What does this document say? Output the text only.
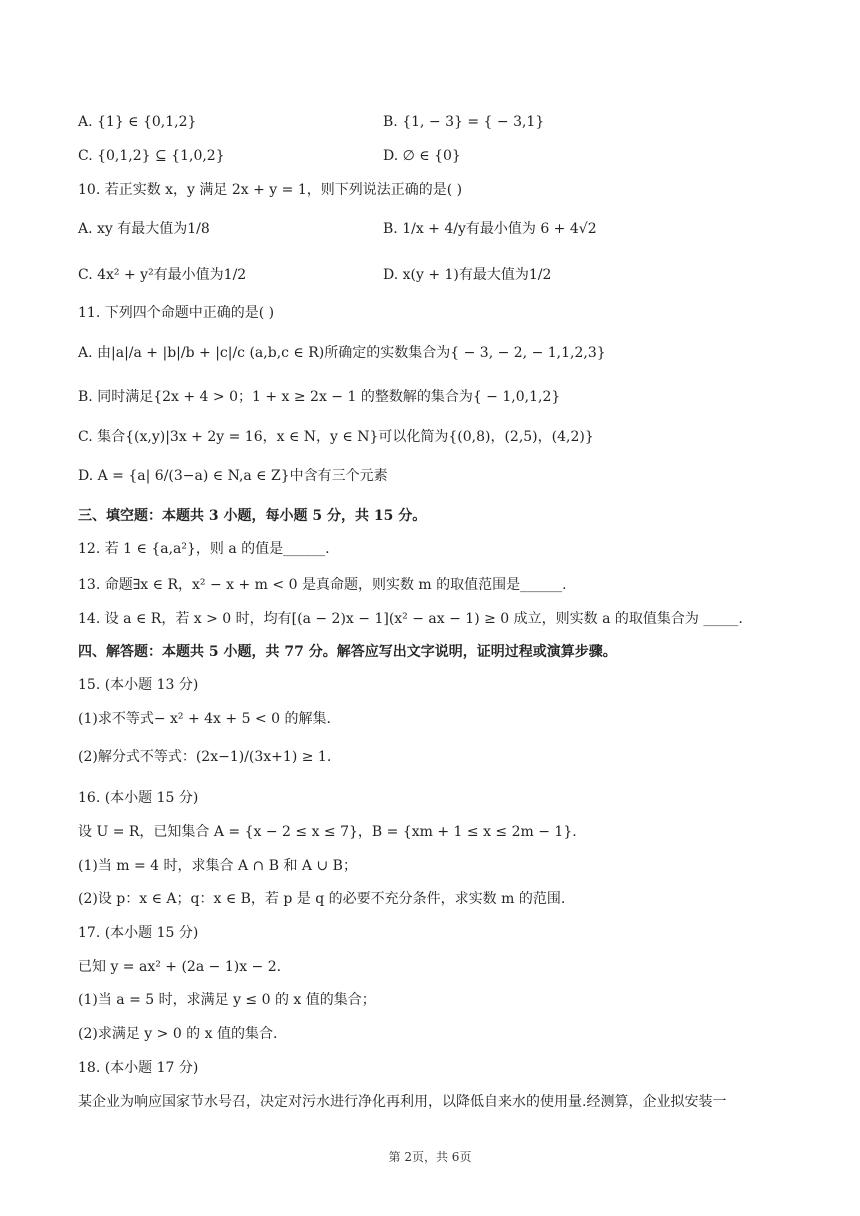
A. {1} ∈ {0,1,2}	B. {1, − 3} = { − 3,1}
C. {0,1,2} ⊆ {1,0,2}	D. ∅ ∈ {0}
10. 若正实数 x，y 满足 2x + y = 1，则下列说法正确的是( )
A. xy 有最大值为1/8	B. 1/x + 4/y有最小值为 6 + 4√2
C. 4x² + y²有最小值为1/2	D. x(y + 1)有最大值为1/2
11. 下列四个命题中正确的是( )
A. 由|a|/a + |b|/b + |c|/c (a,b,c ∈ R)所确定的实数集合为{ − 3, − 2, − 1,1,2,3}
B. 同时满足{2x + 4 > 0；1 + x ≥ 2x − 1 的整数解的集合为{ − 1,0,1,2}
C. 集合{(x,y)|3x + 2y = 16，x ∈ N，y ∈ N}可以化简为{(0,8)，(2,5)，(4,2)}
D. A = {a| 6/(3−a) ∈ N,a ∈ Z}中含有三个元素
三、填空题：本题共 3 小题，每小题 5 分，共 15 分。
12. 若 1 ∈ {a,a²}，则 a 的值是______.
13. 命题∃x ∈ R，x² − x + m < 0 是真命题，则实数 m 的取值范围是______.
14. 设 a ∈ R，若 x > 0 时，均有[(a − 2)x − 1](x² − ax − 1) ≥ 0 成立，则实数 a 的取值集合为 _____.
四、解答题：本题共 5 小题，共 77 分。解答应写出文字说明，证明过程或演算步骤。
15. (本小题 13 分)
(1)求不等式− x² + 4x + 5 < 0 的解集.
(2)解分式不等式：(2x−1)/(3x+1) ≥ 1.
16. (本小题 15 分)
设 U = R，已知集合 A = {x − 2 ≤ x ≤ 7}，B = {xm + 1 ≤ x ≤ 2m − 1}.
(1)当 m = 4 时，求集合 A ∩ B 和 A ∪ B；
(2)设 p：x ∈ A；q：x ∈ B，若 p 是 q 的必要不充分条件，求实数 m 的范围.
17. (本小题 15 分)
已知 y = ax² + (2a − 1)x − 2.
(1)当 a = 5 时，求满足 y ≤ 0 的 x 值的集合；
(2)求满足 y > 0 的 x 值的集合.
18. (本小题 17 分)
某企业为响应国家节水号召，决定对污水进行净化再利用，以降低自来水的使用量.经测算，企业拟安装一
第 2页，共 6页
